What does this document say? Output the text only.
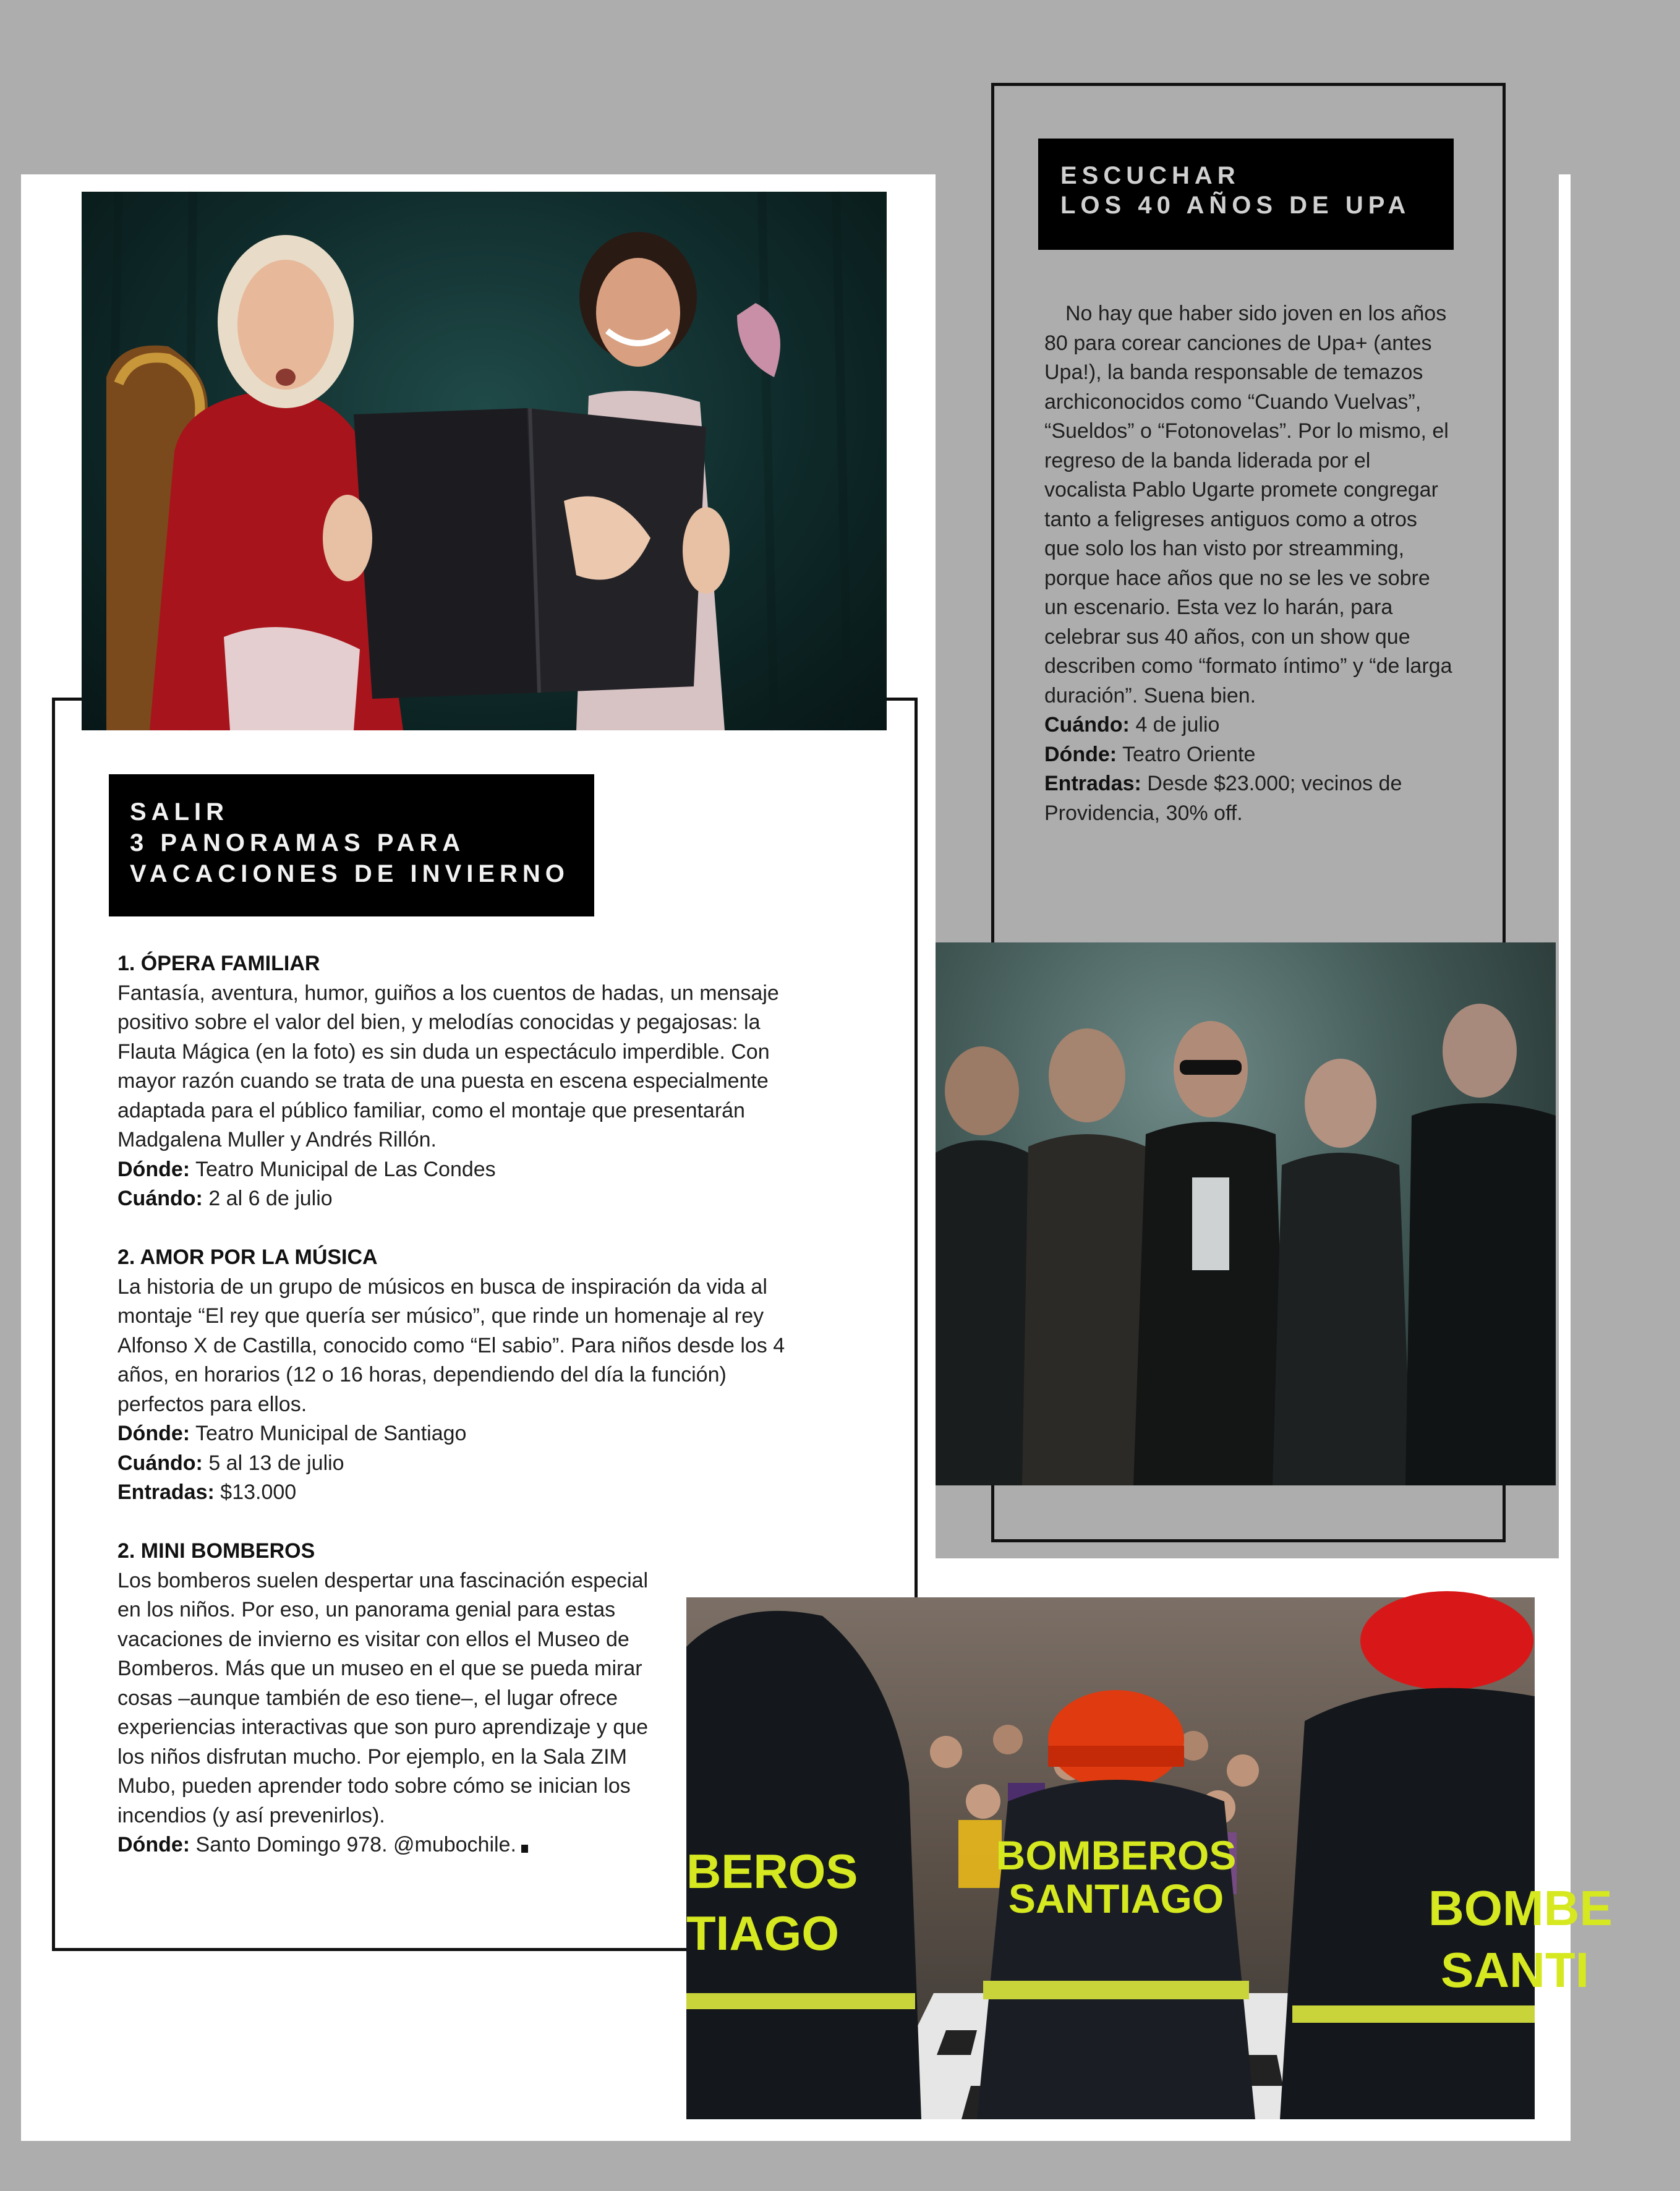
ESCUCHAR
LOS 40 AÑOS DE UPA

No hay que haber sido joven en los años 80 para corear canciones de Upa+ (antes Upa!), la banda responsable de temazos archiconocidos como “Cuando Vuelvas”, “Sueldos” o “Fotonovelas”. Por lo mismo, el regreso de la banda liderada por el vocalista Pablo Ugarte promete congregar tanto a feligreses antiguos como a otros que solo los han visto por streamming, porque hace años que no se les ve sobre un escenario. Esta vez lo harán, para celebrar sus 40 años, con un show que describen como “formato íntimo” y “de larga duración”. Suena bien.

Cuándo: 4 de julio

Dónde: Teatro Oriente

Entradas: Desde $23.000; vecinos de Providencia, 30% off.

SALIR
3 PANORAMAS PARA
VACACIONES DE INVIERNO

1. ÓPERA FAMILIAR

Fantasía, aventura, humor, guiños a los cuentos de hadas, un mensaje positivo sobre el valor del bien, y melodías conocidas y pegajosas: la Flauta Mágica (en la foto) es sin duda un espectáculo imperdible. Con mayor razón cuando se trata de una puesta en escena especialmente adaptada para el público familiar, como el montaje que presentarán Madgalena Muller y Andrés Rillón.

Dónde: Teatro Municipal de Las Condes

Cuándo: 2 al 6 de julio

2. AMOR POR LA MÚSICA

La historia de un grupo de músicos en busca de inspiración da vida al montaje “El rey que quería ser músico”, que rinde un homenaje al rey Alfonso X de Castilla, conocido como “El sabio”. Para niños desde los 4 años, en horarios (12 o 16 horas, dependiendo del día la función) perfectos para ellos.

Dónde: Teatro Municipal de Santiago

Cuándo: 5 al 13 de julio

Entradas: $13.000

2. MINI BOMBEROS

Los bomberos suelen despertar una fascinación especial en los niños. Por eso, un panorama genial para estas vacaciones de invierno es visitar con ellos el Museo de Bomberos. Más que un museo en el que se pueda mirar cosas –aunque también de eso tiene–, el lugar ofrece experiencias interactivas que son puro aprendizaje y que los niños disfrutan mucho. Por ejemplo, en la Sala ZIM Mubo, pueden aprender todo sobre cómo se inician los incendios (y así prevenirlos).

Dónde: Santo Domingo 978. @mubochile.	BEROS
TIAGO
BOMBEROS
SANTIAGO	BOMBE
SANTI
